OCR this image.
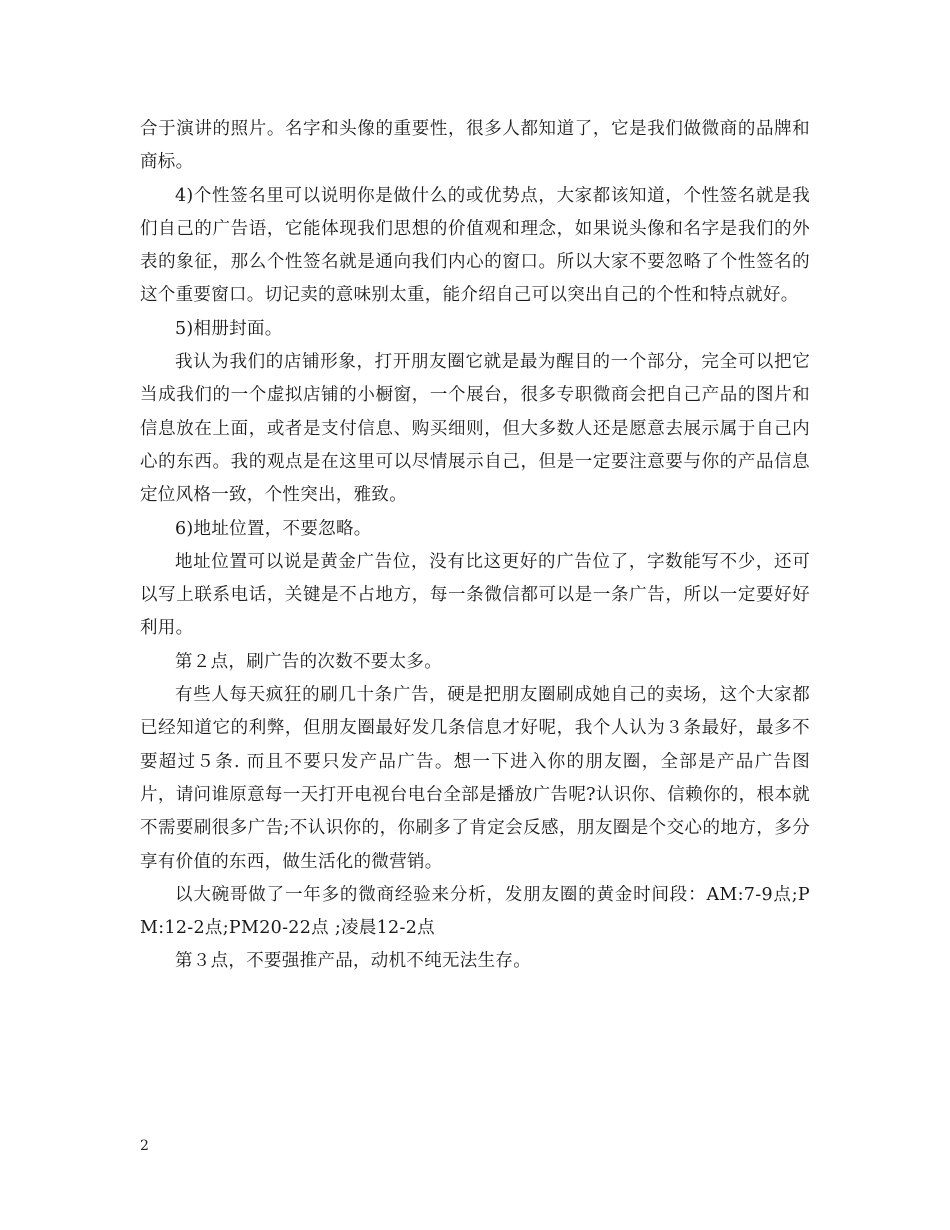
合于演讲的照片。名字和头像的重要性，很多人都知道了，它是我们做微商的品牌和商标。

4)个性签名里可以说明你是做什么的或优势点，大家都该知道，个性签名就是我们自己的广告语，它能体现我们思想的价值观和理念，如果说头像和名字是我们的外表的象征，那么个性签名就是通向我们内心的窗口。所以大家不要忽略了个性签名的这个重要窗口。切记卖的意味别太重，能介绍自己可以突出自己的个性和特点就好。

5)相册封面。

我认为我们的店铺形象，打开朋友圈它就是最为醒目的一个部分，完全可以把它当成我们的一个虚拟店铺的小橱窗，一个展台，很多专职微商会把自己产品的图片和信息放在上面，或者是支付信息、购买细则，但大多数人还是愿意去展示属于自己内心的东西。我的观点是在这里可以尽情展示自己，但是一定要注意要与你的产品信息定位风格一致，个性突出，雅致。

6)地址位置，不要忽略。

地址位置可以说是黄金广告位，没有比这更好的广告位了，字数能写不少，还可以写上联系电话，关键是不占地方，每一条微信都可以是一条广告，所以一定要好好利用。

第２点，刷广告的次数不要太多。

有些人每天疯狂的刷几十条广告，硬是把朋友圈刷成她自己的卖场，这个大家都已经知道它的利弊，但朋友圈最好发几条信息才好呢，我个人认为３条最好，最多不要超过５条. 而且不要只发产品广告。想一下进入你的朋友圈，全部是产品广告图片，请问谁原意每一天打开电视台电台全部是播放广告呢?认识你、信赖你的，根本就不需要刷很多广告;不认识你的，你刷多了肯定会反感，朋友圈是个交心的地方，多分享有价值的东西，做生活化的微营销。

以大碗哥做了一年多的微商经验来分析，发朋友圈的黄金时间段：AM:7-9点;PM:12-2点;PM20-22点 ;凌晨12-2点

第３点，不要强推产品，动机不纯无法生存。

2
